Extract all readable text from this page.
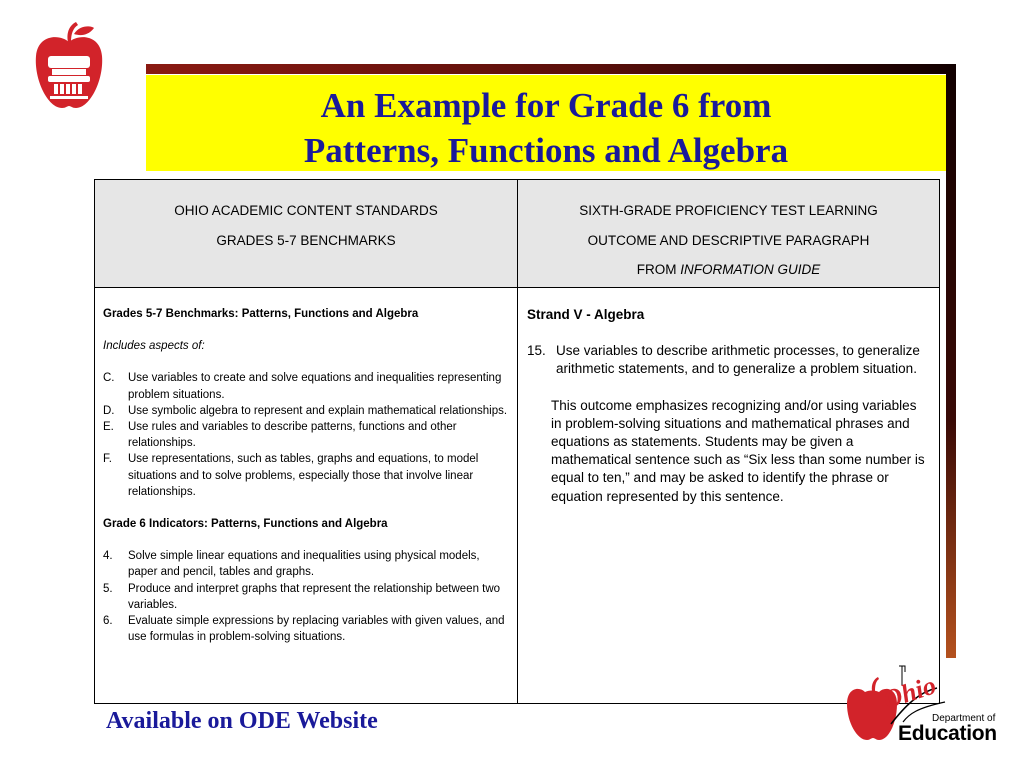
An Example for Grade 6 from
Patterns, Functions and Algebra
OHIO ACADEMIC CONTENT STANDARDS
GRADES 5-7 BENCHMARKS
Grades 5-7 Benchmarks: Patterns, Functions and Algebra
Includes aspects of:
C. Use variables to create and solve equations and inequalities representing problem situations.
D. Use symbolic algebra to represent and explain mathematical relationships.
E. Use rules and variables to describe patterns, functions and other relationships.
F. Use representations, such as tables, graphs and equations, to model situations and to solve problems, especially those that involve linear relationships.
Grade 6 Indicators: Patterns, Functions and Algebra
4. Solve simple linear equations and inequalities using physical models, paper and pencil, tables and graphs.
5. Produce and interpret graphs that represent the relationship between two variables.
6. Evaluate simple expressions by replacing variables with given values, and use formulas in problem-solving situations.
SIXTH-GRADE PROFICIENCY TEST LEARNING
OUTCOME AND DESCRIPTIVE PARAGRAPH
FROM INFORMATION GUIDE
Strand V - Algebra
15. Use variables to describe arithmetic processes, to generalize arithmetic statements, and to generalize a problem situation.

This outcome emphasizes recognizing and/or using variables in problem-solving situations and mathematical phrases and equations as statements. Students may be given a mathematical sentence such as “Six less than some number is equal to ten,” and may be asked to identify the phrase or equation represented by this sentence.

Available on ODE Website
Ohio
Department of
Education
